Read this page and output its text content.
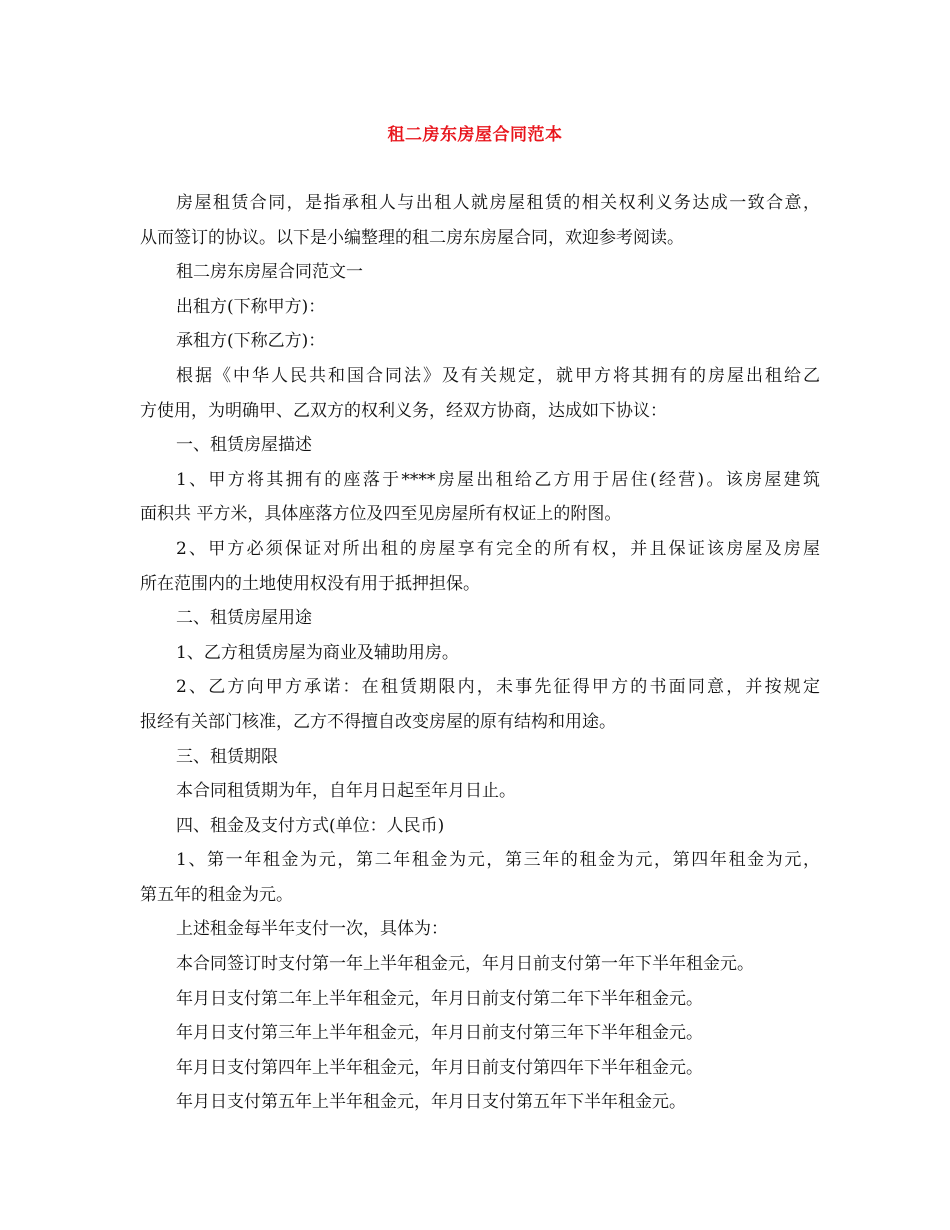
租二房东房屋合同范本
房屋租赁合同，是指承租人与出租人就房屋租赁的相关权利义务达成一致合意，
从而签订的协议。以下是小编整理的租二房东房屋合同，欢迎参考阅读。
租二房东房屋合同范文一
出租方(下称甲方)：
承租方(下称乙方)：
根据《中华人民共和国合同法》及有关规定，就甲方将其拥有的房屋出租给乙
方使用，为明确甲、乙双方的权利义务，经双方协商，达成如下协议：
一、租赁房屋描述
1、甲方将其拥有的座落于****房屋出租给乙方用于居住(经营)。该房屋建筑
面积共 平方米，具体座落方位及四至见房屋所有权证上的附图。
2、甲方必须保证对所出租的房屋享有完全的所有权，并且保证该房屋及房屋
所在范围内的土地使用权没有用于抵押担保。
二、租赁房屋用途
1、乙方租赁房屋为商业及辅助用房。
2、乙方向甲方承诺：在租赁期限内，未事先征得甲方的书面同意，并按规定
报经有关部门核准，乙方不得擅自改变房屋的原有结构和用途。
三、租赁期限
本合同租赁期为年，自年月日起至年月日止。
四、租金及支付方式(单位：人民币)
1、第一年租金为元，第二年租金为元，第三年的租金为元，第四年租金为元，
第五年的租金为元。
上述租金每半年支付一次，具体为：
本合同签订时支付第一年上半年租金元，年月日前支付第一年下半年租金元。
年月日支付第二年上半年租金元，年月日前支付第二年下半年租金元。
年月日支付第三年上半年租金元，年月日前支付第三年下半年租金元。
年月日支付第四年上半年租金元，年月日前支付第四年下半年租金元。
年月日支付第五年上半年租金元，年月日支付第五年下半年租金元。
